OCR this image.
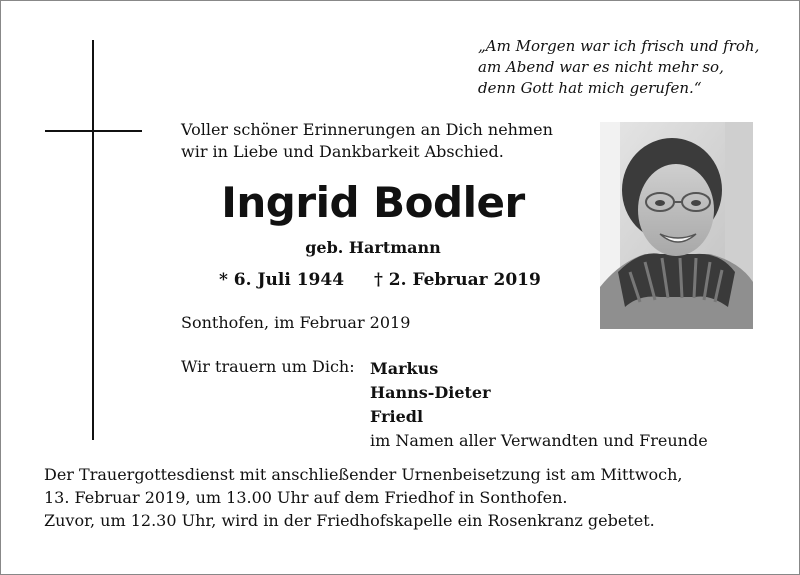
„Am Morgen war ich frisch und froh,
am Abend war es nicht mehr so,
denn Gott hat mich gerufen.“
Voller schöner Erinnerungen an Dich nehmen
wir in Liebe und Dankbarkeit Abschied.
Ingrid Bodler
geb. Hartmann
* 6. Juli 1944 † 2. Februar 2019
Sonthofen, im Februar 2019
Wir trauern um Dich: Markus
Hanns-Dieter
Friedl
im Namen aller Verwandten und Freunde
Der Trauergottesdienst mit anschließender Urnenbeisetzung ist am Mittwoch,
13. Februar 2019, um 13.00 Uhr auf dem Friedhof in Sonthofen.
Zuvor, um 12.30 Uhr, wird in der Friedhofskapelle ein Rosenkranz gebetet.
